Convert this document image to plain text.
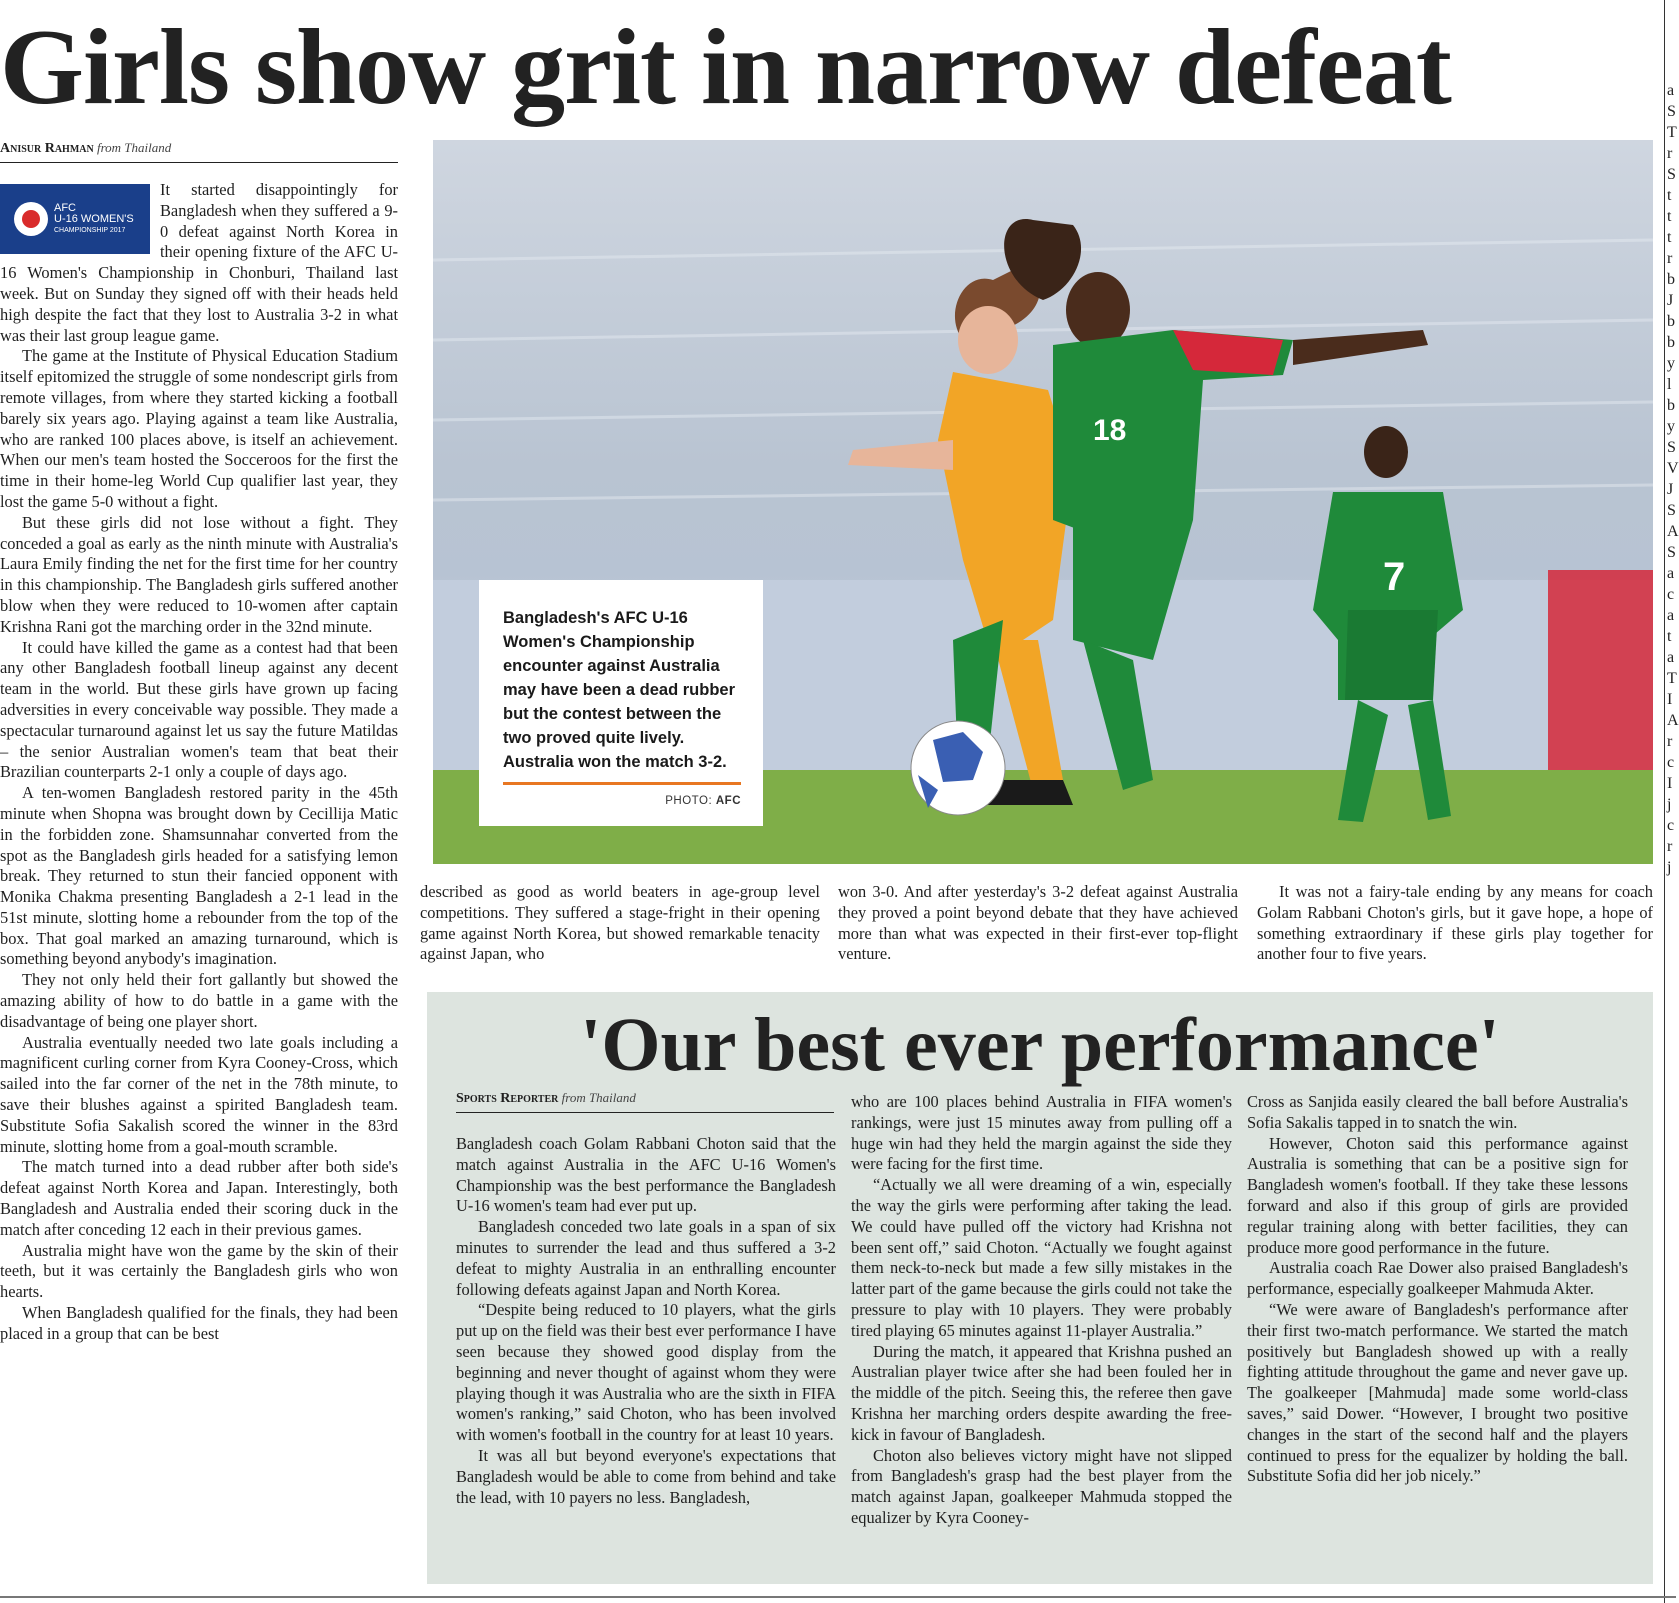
Girls show grit in narrow defeat
Anisur Rahman from Thailand
AFC
U-16 WOMEN'S
CHAMPIONSHIP 2017

It started disappointingly for Bangladesh when they suffered a 9-0 defeat against North Korea in their opening fixture of the AFC U-16 Women's Championship in Chonburi, Thailand last week. But on Sunday they signed off with their heads held high despite the fact that they lost to Australia 3-2 in what was their last group league game.

The game at the Institute of Physical Education Stadium itself epitomized the struggle of some nondescript girls from remote villages, from where they started kicking a football barely six years ago. Playing against a team like Australia, who are ranked 100 places above, is itself an achievement. When our men's team hosted the Socceroos for the first the time in their home-leg World Cup qualifier last year, they lost the game 5-0 without a fight.

But these girls did not lose without a fight. They conceded a goal as early as the ninth minute with Australia's Laura Emily finding the net for the first time for her country in this championship. The Bangladesh girls suffered another blow when they were reduced to 10-women after captain Krishna Rani got the marching order in the 32nd minute.

It could have killed the game as a contest had that been any other Bangladesh football lineup against any decent team in the world. But these girls have grown up facing adversities in every conceivable way possible. They made a spectacular turnaround against let us say the future Matildas – the senior Australian women's team that beat their Brazilian counterparts 2-1 only a couple of days ago.

A ten-women Bangladesh restored parity in the 45th minute when Shopna was brought down by Cecillija Matic in the forbidden zone. Shamsunnahar converted from the spot as the Bangladesh girls headed for a satisfying lemon break. They returned to stun their fancied opponent with Monika Chakma presenting Bangladesh a 2-1 lead in the 51st minute, slotting home a rebounder from the top of the box. That goal marked an amazing turnaround, which is something beyond anybody's imagination.

They not only held their fort gallantly but showed the amazing ability of how to do battle in a game with the disadvantage of being one player short.

Australia eventually needed two late goals including a magnificent curling corner from Kyra Cooney-Cross, which sailed into the far corner of the net in the 78th minute, to save their blushes against a spirited Bangladesh team. Substitute Sofia Sakalish scored the winner in the 83rd minute, slotting home from a goal-mouth scramble.

The match turned into a dead rubber after both side's defeat against North Korea and Japan. Interestingly, both Bangladesh and Australia ended their scoring duck in the match after conceding 12 each in their previous games.

Australia might have won the game by the skin of their teeth, but it was certainly the Bangladesh girls who won hearts.

When Bangladesh qualified for the finals, they had been placed in a group that can be best

7
18
Bangladesh's AFC U-16 Women's Championship encounter against Australia may have been a dead rubber but the contest between the two proved quite lively. Australia won the match 3-2.
PHOTO: AFC

described as good as world beaters in age-group level competitions. They suffered a stage-fright in their opening game against North Korea, but showed remarkable tenacity against Japan, who

won 3-0. And after yesterday's 3-2 defeat against Australia they proved a point beyond debate that they have achieved more than what was expected in their first-ever top-flight venture.

It was not a fairy-tale ending by any means for coach Golam Rabbani Choton's girls, but it gave hope, a hope of something extraordinary if these girls play together for another four to five years.

'Our best ever performance'
Sports Reporter from Thailand

Bangladesh coach Golam Rabbani Choton said that the match against Australia in the AFC U-16 Women's Championship was the best performance the Bangladesh U-16 women's team had ever put up.

Bangladesh conceded two late goals in a span of six minutes to surrender the lead and thus suffered a 3-2 defeat to mighty Australia in an enthralling encounter following defeats against Japan and North Korea.

“Despite being reduced to 10 players, what the girls put up on the field was their best ever performance I have seen because they showed good display from the beginning and never thought of against whom they were playing though it was Australia who are the sixth in FIFA women's ranking,” said Choton, who has been involved with women's football in the country for at least 10 years.

It was all but beyond everyone's expectations that Bangladesh would be able to come from behind and take the lead, with 10 payers no less. Bangladesh,

who are 100 places behind Australia in FIFA women's rankings, were just 15 minutes away from pulling off a huge win had they held the margin against the side they were facing for the first time.

“Actually we all were dreaming of a win, especially the way the girls were performing after taking the lead. We could have pulled off the victory had Krishna not been sent off,” said Choton. “Actually we fought against them neck-to-neck but made a few silly mistakes in the latter part of the game because the girls could not take the pressure to play with 10 players. They were probably tired playing 65 minutes against 11-player Australia.”

During the match, it appeared that Krishna pushed an Australian player twice after she had been fouled her in the middle of the pitch. Seeing this, the referee then gave Krishna her marching orders despite awarding the free-kick in favour of Bangladesh.

Choton also believes victory might have not slipped from Bangladesh's grasp had the best player from the match against Japan, goalkeeper Mahmuda stopped the equalizer by Kyra Cooney-

Cross as Sanjida easily cleared the ball before Australia's Sofia Sakalis tapped in to snatch the win.

However, Choton said this performance against Australia is something that can be a positive sign for Bangladesh women's football. If they take these lessons forward and also if this group of girls are provided regular training along with better facilities, they can produce more good performance in the future.

Australia coach Rae Dower also praised Bangladesh's performance, especially goalkeeper Mahmuda Akter.

“We were aware of Bangladesh's performance after their first two-match performance. We started the match positively but Bangladesh showed up with a really fighting attitude throughout the game and never gave up. The goalkeeper [Mahmuda] made some world-class saves,” said Dower. “However, I brought two positive changes in the start of the second half and the players continued to press for the equalizer by holding the ball. Substitute Sofia did her job nicely.”

a S T r S t t t r b J b b y l b y S V J S A S a c a t a T I A r c I j c r j
